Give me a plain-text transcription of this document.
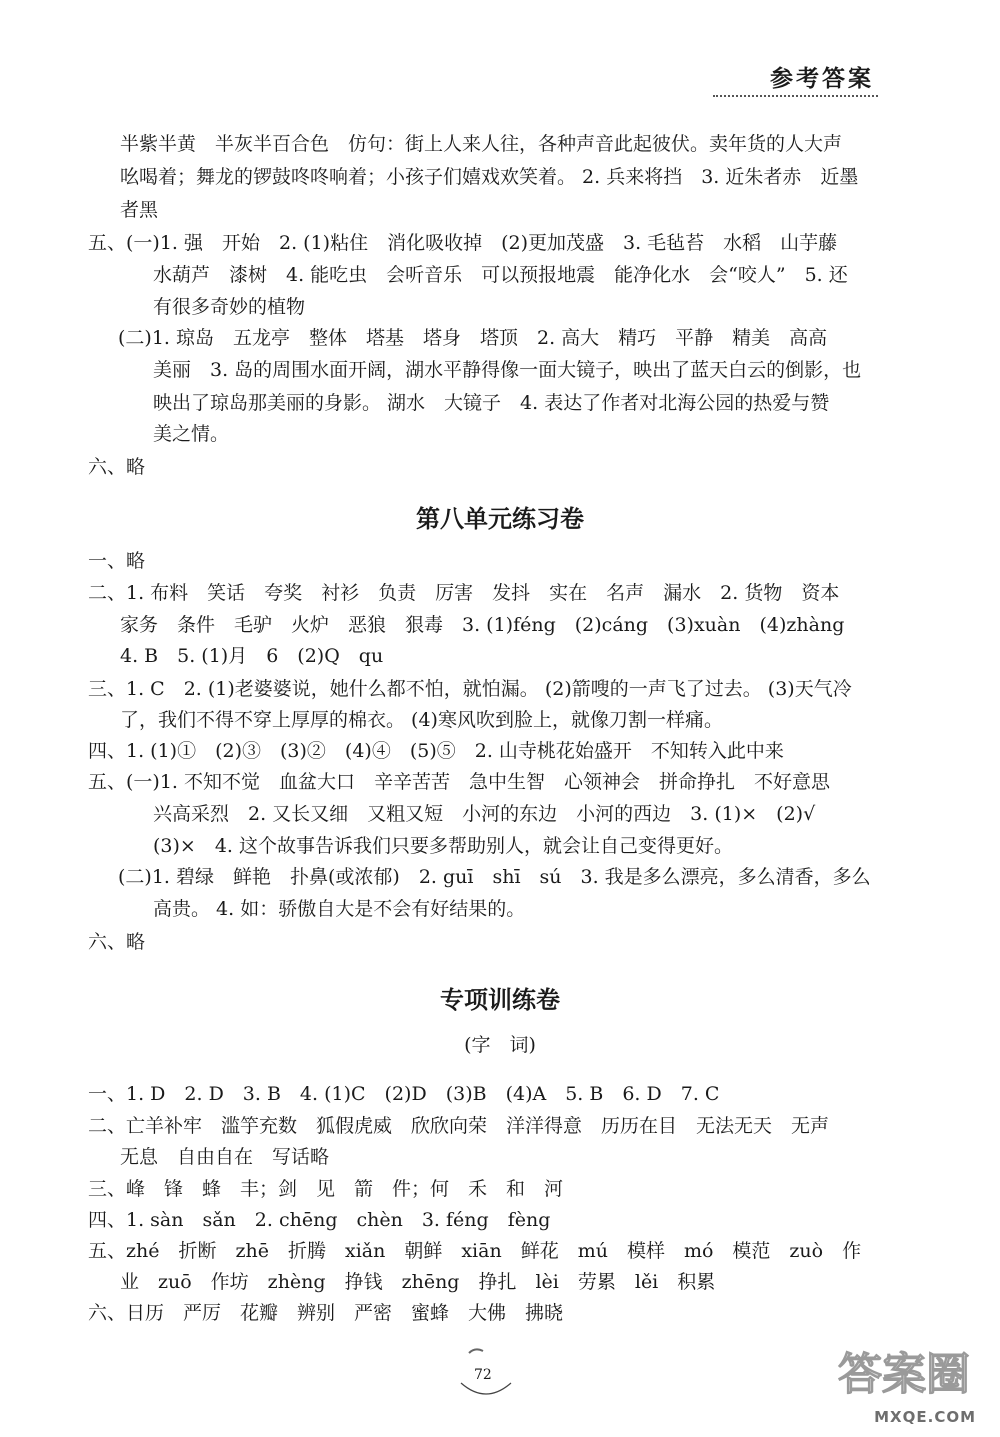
参考答案
半紫半黄　半灰半百合色　仿句：街上人来人往，各种声音此起彼伏。卖年货的人大声
吆喝着；舞龙的锣鼓咚咚响着；小孩子们嬉戏欢笑着。 2. 兵来将挡　3. 近朱者赤　近墨
者黑
五、(一)1. 强　开始　2. (1)粘住　消化吸收掉　(2)更加茂盛　3. 毛毡苔　水稻　山芋藤
水葫芦　漆树　4. 能吃虫　会听音乐　可以预报地震　能净化水　会“咬人”　5. 还
有很多奇妙的植物
(二)1. 琼岛　五龙亭　整体　塔基　塔身　塔顶　2. 高大　精巧　平静　精美　高高
美丽　3. 岛的周围水面开阔，湖水平静得像一面大镜子，映出了蓝天白云的倒影，也
映出了琼岛那美丽的身影。 湖水　大镜子　4. 表达了作者对北海公园的热爱与赞
美之情。
六、略
第八单元练习卷
一、略
二、1. 布料　笑话　夸奖　衬衫　负责　厉害　发抖　实在　名声　漏水　2. 货物　资本
家务　条件　毛驴　火炉　恶狼　狠毒　3. (1)féng　(2)cáng　(3)xuàn　(4)zhàng
4. B　5. (1)月　6　(2)Q　qu
三、1. C　2. (1)老婆婆说，她什么都不怕，就怕漏。 (2)箭嗖的一声飞了过去。 (3)天气冷
了，我们不得不穿上厚厚的棉衣。 (4)寒风吹到脸上，就像刀割一样痛。
四、1. (1)①　(2)③　(3)②　(4)④　(5)⑤　2. 山寺桃花始盛开　不知转入此中来
五、(一)1. 不知不觉　血盆大口　辛辛苦苦　急中生智　心领神会　拼命挣扎　不好意思
兴高采烈　2. 又长又细　又粗又短　小河的东边　小河的西边　3. (1)×　(2)√
(3)×　4. 这个故事告诉我们只要多帮助别人，就会让自己变得更好。
(二)1. 碧绿　鲜艳　扑鼻(或浓郁)　2. guī　shī　sú　3. 我是多么漂亮，多么清香，多么
高贵。 4. 如：骄傲自大是不会有好结果的。
六、略
专项训练卷
(字　词)
一、1. D　2. D　3. B　4. (1)C　(2)D　(3)B　(4)A　5. B　6. D　7. C
二、亡羊补牢　滥竽充数　狐假虎威　欣欣向荣　洋洋得意　历历在目　无法无天　无声
无息　自由自在　写话略
三、峰　锋　蜂　丰；剑　见　箭　件；何　禾　和　河
四、1. sàn　sǎn　2. chēng　chèn　3. féng　fèng
五、zhé　折断　zhē　折腾　xiǎn　朝鲜　xiān　鲜花　mú　模样　mó　模范　zuò　作
业　zuō　作坊　zhèng　挣钱　zhēng　挣扎　lèi　劳累　lěi　积累
六、日历　严厉　花瓣　辨别　严密　蜜蜂　大佛　拂晓
72	答案圈
MXQE.COM
